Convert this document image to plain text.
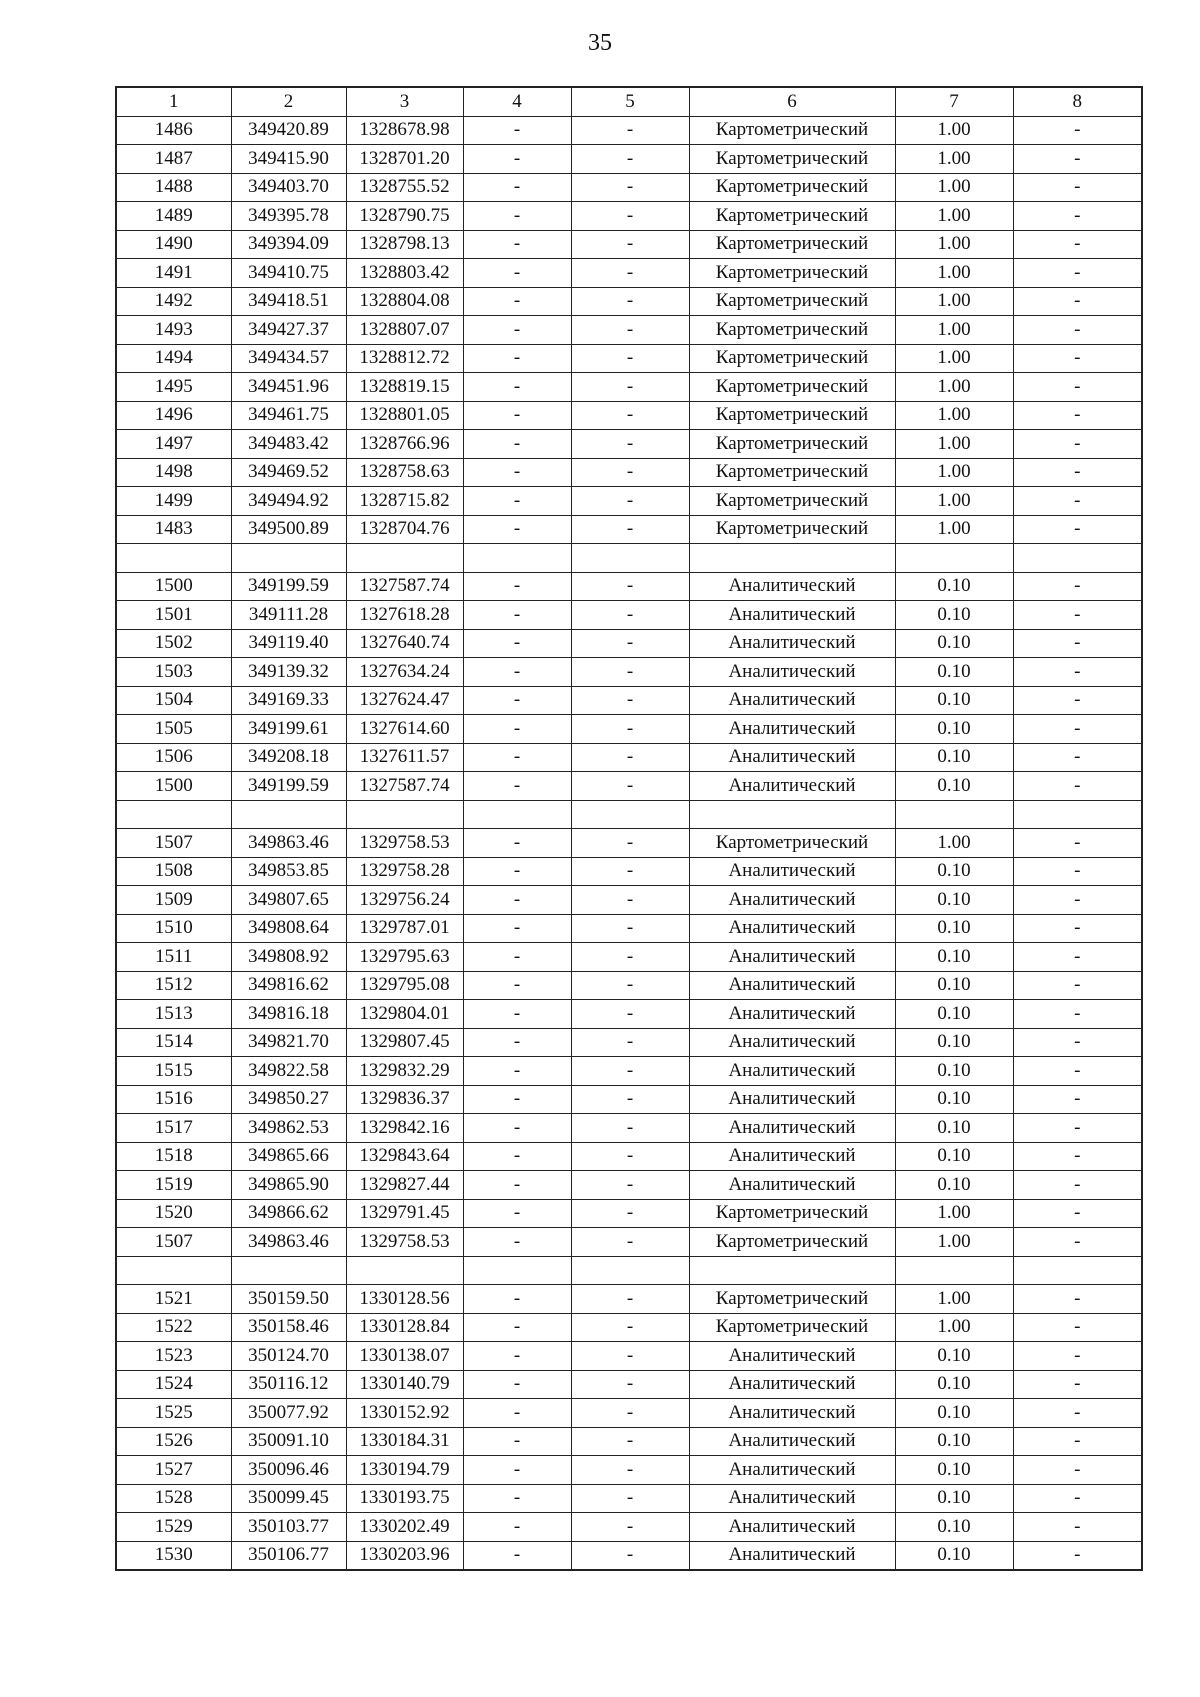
35
1	2	3	4	5	6	7	8
1486	349420.89	1328678.98	-	-	Картометрический	1.00	-
1487	349415.90	1328701.20	-	-	Картометрический	1.00	-
1488	349403.70	1328755.52	-	-	Картометрический	1.00	-
1489	349395.78	1328790.75	-	-	Картометрический	1.00	-
1490	349394.09	1328798.13	-	-	Картометрический	1.00	-
1491	349410.75	1328803.42	-	-	Картометрический	1.00	-
1492	349418.51	1328804.08	-	-	Картометрический	1.00	-
1493	349427.37	1328807.07	-	-	Картометрический	1.00	-
1494	349434.57	1328812.72	-	-	Картометрический	1.00	-
1495	349451.96	1328819.15	-	-	Картометрический	1.00	-
1496	349461.75	1328801.05	-	-	Картометрический	1.00	-
1497	349483.42	1328766.96	-	-	Картометрический	1.00	-
1498	349469.52	1328758.63	-	-	Картометрический	1.00	-
1499	349494.92	1328715.82	-	-	Картометрический	1.00	-
1483	349500.89	1328704.76	-	-	Картометрический	1.00	-

1500	349199.59	1327587.74	-	-	Аналитический	0.10	-
1501	349111.28	1327618.28	-	-	Аналитический	0.10	-
1502	349119.40	1327640.74	-	-	Аналитический	0.10	-
1503	349139.32	1327634.24	-	-	Аналитический	0.10	-
1504	349169.33	1327624.47	-	-	Аналитический	0.10	-
1505	349199.61	1327614.60	-	-	Аналитический	0.10	-
1506	349208.18	1327611.57	-	-	Аналитический	0.10	-
1500	349199.59	1327587.74	-	-	Аналитический	0.10	-

1507	349863.46	1329758.53	-	-	Картометрический	1.00	-
1508	349853.85	1329758.28	-	-	Аналитический	0.10	-
1509	349807.65	1329756.24	-	-	Аналитический	0.10	-
1510	349808.64	1329787.01	-	-	Аналитический	0.10	-
1511	349808.92	1329795.63	-	-	Аналитический	0.10	-
1512	349816.62	1329795.08	-	-	Аналитический	0.10	-
1513	349816.18	1329804.01	-	-	Аналитический	0.10	-
1514	349821.70	1329807.45	-	-	Аналитический	0.10	-
1515	349822.58	1329832.29	-	-	Аналитический	0.10	-
1516	349850.27	1329836.37	-	-	Аналитический	0.10	-
1517	349862.53	1329842.16	-	-	Аналитический	0.10	-
1518	349865.66	1329843.64	-	-	Аналитический	0.10	-
1519	349865.90	1329827.44	-	-	Аналитический	0.10	-
1520	349866.62	1329791.45	-	-	Картометрический	1.00	-
1507	349863.46	1329758.53	-	-	Картометрический	1.00	-

1521	350159.50	1330128.56	-	-	Картометрический	1.00	-
1522	350158.46	1330128.84	-	-	Картометрический	1.00	-
1523	350124.70	1330138.07	-	-	Аналитический	0.10	-
1524	350116.12	1330140.79	-	-	Аналитический	0.10	-
1525	350077.92	1330152.92	-	-	Аналитический	0.10	-
1526	350091.10	1330184.31	-	-	Аналитический	0.10	-
1527	350096.46	1330194.79	-	-	Аналитический	0.10	-
1528	350099.45	1330193.75	-	-	Аналитический	0.10	-
1529	350103.77	1330202.49	-	-	Аналитический	0.10	-
1530	350106.77	1330203.96	-	-	Аналитический	0.10	-
